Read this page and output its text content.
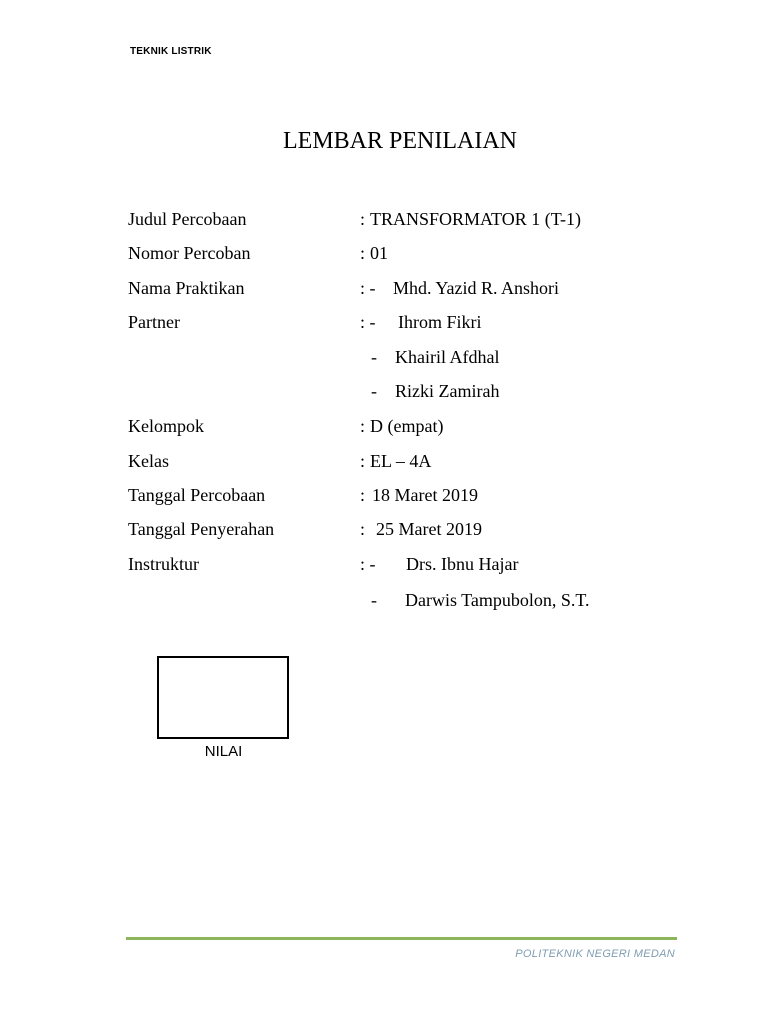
TEKNIK LISTRIK
LEMBAR PENILAIAN
Judul Percobaan	: TRANSFORMATOR 1 (T-1)
Nomor Percoban	: 01
Nama Praktikan	: - Mhd. Yazid R. Anshori
Partner	: - Ihrom Fikri
- Khairil Afdhal
- Rizki Zamirah
Kelompok	: D (empat)
Kelas	: EL – 4A
Tanggal Percobaan	: 18 Maret 2019
Tanggal Penyerahan	: 25 Maret 2019
Instruktur	: - Drs. Ibnu Hajar
- Darwis Tampubolon, S.T.
NILAI
POLITEKNIK NEGERI MEDAN
